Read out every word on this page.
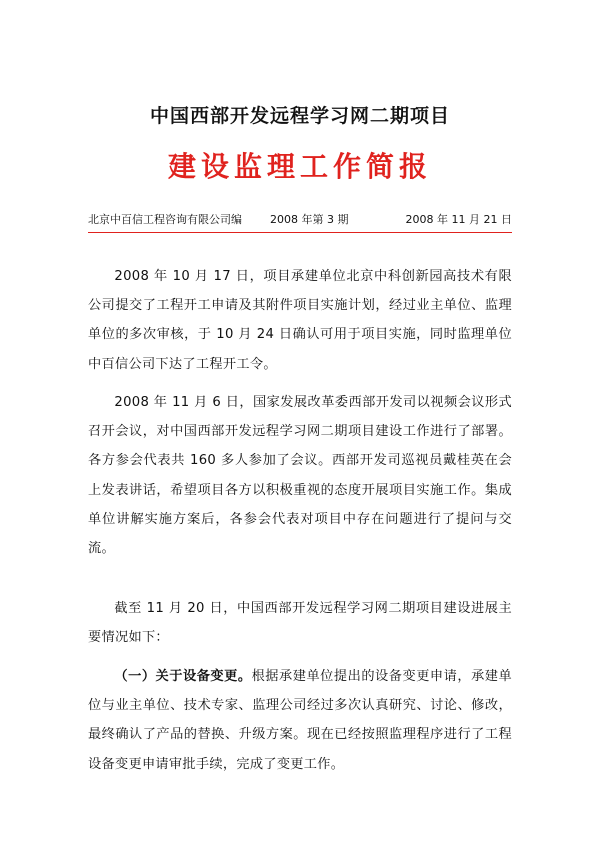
中国西部开发远程学习网二期项目
建设监理工作简报
北京中百信工程咨询有限公司编	2008 年第 3 期	2008 年 11 月 21 日

2008 年 10 月 17 日，项目承建单位北京中科创新园高技术有限公司提交了工程开工申请及其附件项目实施计划，经过业主单位、监理单位的多次审核，于 10 月 24 日确认可用于项目实施，同时监理单位中百信公司下达了工程开工令。

2008 年 11 月 6 日，国家发展改革委西部开发司以视频会议形式召开会议，对中国西部开发远程学习网二期项目建设工作进行了部署。各方参会代表共 160 多人参加了会议。西部开发司巡视员戴桂英在会上发表讲话，希望项目各方以积极重视的态度开展项目实施工作。集成单位讲解实施方案后，各参会代表对项目中存在问题进行了提问与交流。

截至 11 月 20 日，中国西部开发远程学习网二期项目建设进展主要情况如下：

（一）关于设备变更。根据承建单位提出的设备变更申请，承建单位与业主单位、技术专家、监理公司经过多次认真研究、讨论、修改，最终确认了产品的替换、升级方案。现在已经按照监理程序进行了工程设备变更申请审批手续，完成了变更工作。
